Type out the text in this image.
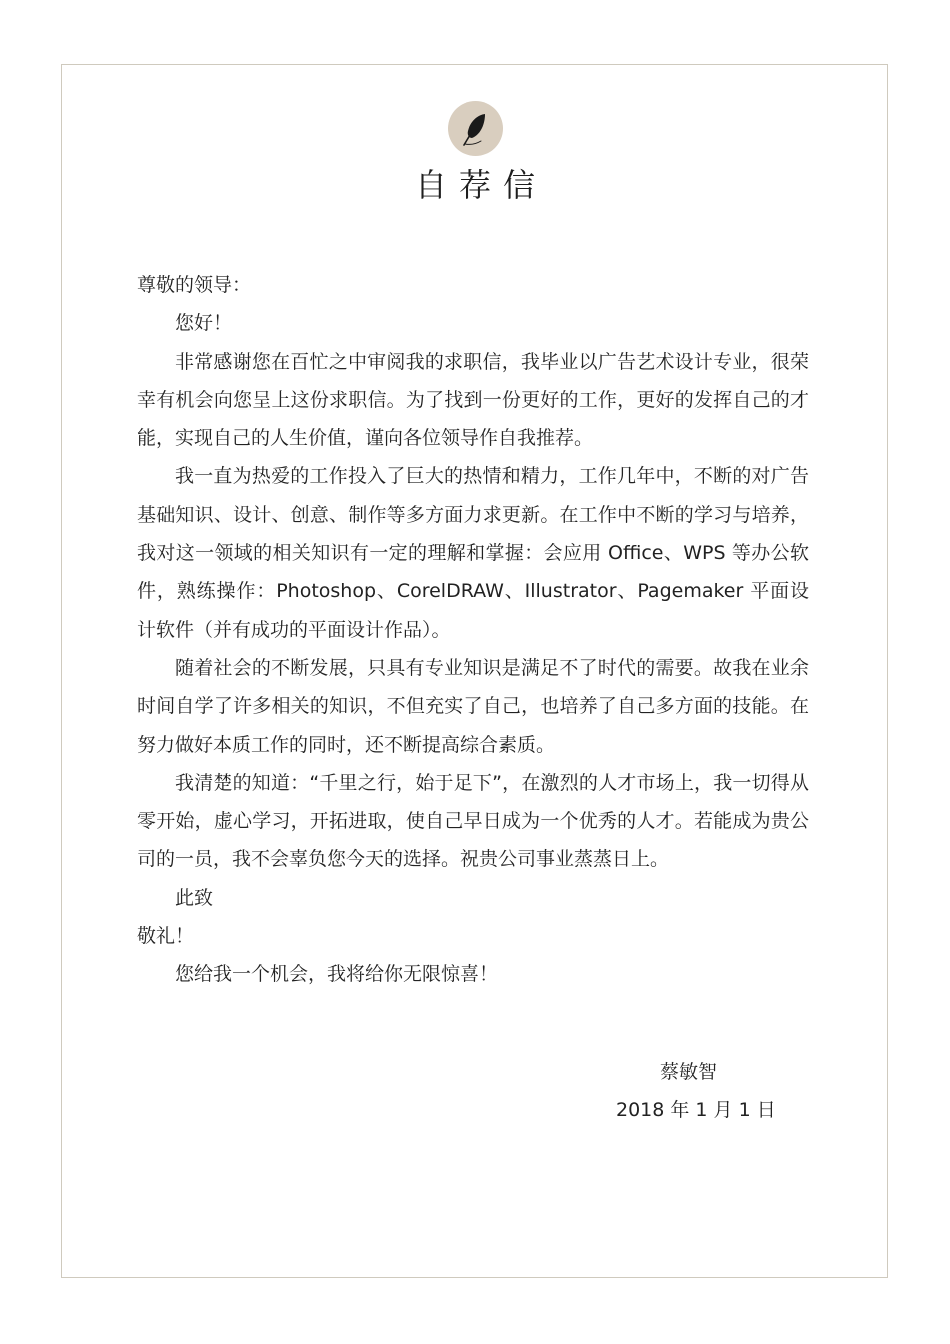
自荐信

尊敬的领导：

您好！

非常感谢您在百忙之中审阅我的求职信，我毕业以广告艺术设计专业，很荣幸有机会向您呈上这份求职信。为了找到一份更好的工作，更好的发挥自己的才能，实现自己的人生价值，谨向各位领导作自我推荐。

我一直为热爱的工作投入了巨大的热情和精力，工作几年中，不断的对广告基础知识、设计、创意、制作等多方面力求更新。在工作中不断的学习与培养，我对这一领域的相关知识有一定的理解和掌握：会应用 Office、WPS 等办公软件，熟练操作：Photoshop、CorelDRAW、Illustrator、Pagemaker 平面设计软件（并有成功的平面设计作品）。

随着社会的不断发展，只具有专业知识是满足不了时代的需要。故我在业余时间自学了许多相关的知识，不但充实了自己，也培养了自己多方面的技能。在努力做好本质工作的同时，还不断提高综合素质。

我清楚的知道：“千里之行，始于足下”，在激烈的人才市场上，我一切得从零开始，虚心学习，开拓进取，使自己早日成为一个优秀的人才。若能成为贵公司的一员，我不会辜负您今天的选择。祝贵公司事业蒸蒸日上。

此致

敬礼！

您给我一个机会，我将给你无限惊喜！

蔡敏智
2018 年 1 月 1 日
